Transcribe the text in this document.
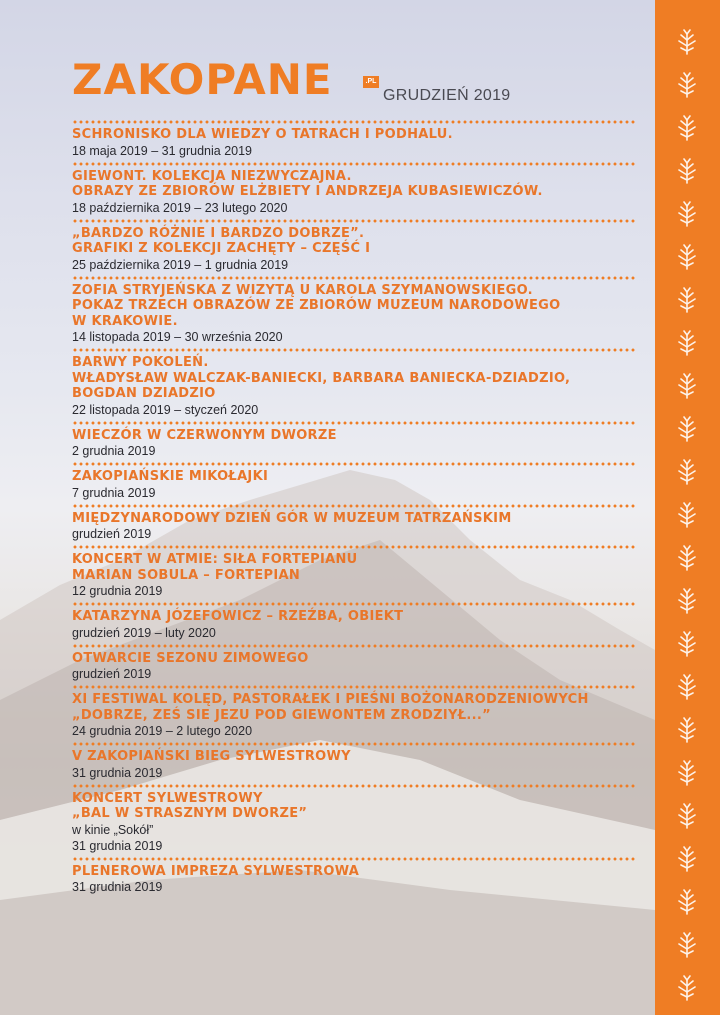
ZAKOPANE	.PL
GRUDZIEŃ 2019
SCHRONISKO DLA WIEDZY O TATRACH I PODHALU.
18 maja 2019 – 31 grudnia 2019
GIEWONT. KOLEKCJA NIEZWYCZAJNA.
OBRAZY ZE ZBIORÓW ELŻBIETY I ANDRZEJA KUBASIEWICZÓW.
18 października 2019 – 23 lutego 2020
„BARDZO RÓŻNIE I BARDZO DOBRZE”.
GRAFIKI Z KOLEKCJI ZACHĘTY – CZĘŚĆ I
25 października 2019 – 1 grudnia 2019
ZOFIA STRYJEŃSKA Z WIZYTĄ U KAROLA SZYMANOWSKIEGO.
POKAZ TRZECH OBRAZÓW ZE ZBIORÓW MUZEUM NARODOWEGO
W KRAKOWIE.
14 listopada 2019 – 30 września 2020
BARWY POKOLEŃ.
WŁADYSŁAW WALCZAK-BANIECKI, BARBARA BANIECKA-DZIADZIO,
BOGDAN DZIADZIO
22 listopada 2019 – styczeń 2020
WIECZÓR W CZERWONYM DWORZE
2 grudnia 2019
ZAKOPIAŃSKIE MIKOŁAJKI
7 grudnia 2019
MIĘDZYNARODOWY DZIEŃ GÓR W MUZEUM TATRZAŃSKIM
grudzień 2019
KONCERT W ATMIE: SIŁA FORTEPIANU
MARIAN SOBULA – FORTEPIAN
12 grudnia 2019
KATARZYNA JÓZEFOWICZ – RZEŹBA, OBIEKT
grudzień 2019 – luty 2020
OTWARCIE SEZONU ZIMOWEGO
grudzień 2019
XI FESTIWAL KOLĘD, PASTORAŁEK I PIEŚNI BOŻONARODZENIOWYCH
„DOBRZE, ZEŚ SIE JEZU POD GIEWONTEM ZRODZIYŁ...”
24 grudnia 2019 – 2 lutego 2020
V ZAKOPIAŃSKI BIEG SYLWESTROWY
31 grudnia 2019
KONCERT SYLWESTROWY
„BAL W STRASZNYM DWORZE”
w kinie „Sokół”
31 grudnia 2019
PLENEROWA IMPREZA SYLWESTROWA
31 grudnia 2019
